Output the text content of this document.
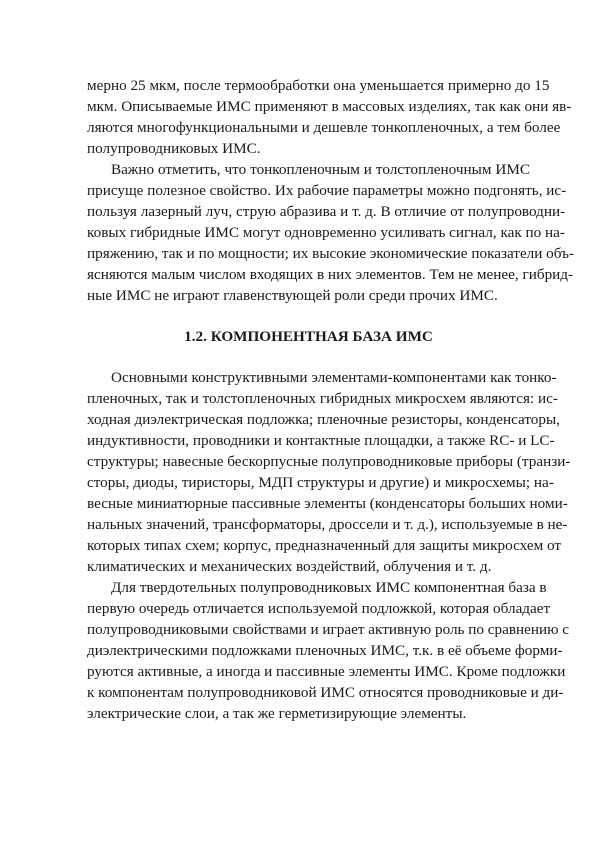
мерно 25 мкм, после термообработки она уменьшается примерно до 15
мкм. Описываемые ИМС применяют в массовых изделиях, так как они яв-
ляются многофункциональными и дешевле тонкопленочных, а тем более
полупроводниковых ИМС.
Важно отметить, что тонкопленочным и толстопленочным ИМС
присуще полезное свойство. Их рабочие параметры можно подгонять, ис-
пользуя лазерный луч, струю абразива и т. д. В отличие от полупроводни-
ковых гибридные ИМС могут одновременно усиливать сигнал, как по на-
пряжению, так и по мощности; их высокие экономические показатели объ-
ясняются малым числом входящих в них элементов. Тем не менее, гибрид-
ные ИМС не играют главенствующей роли среди прочих ИМС.
1.2. КОМПОНЕНТНАЯ БАЗА ИМС
Основными конструктивными элементами-компонентами как тонко-
пленочных, так и толстопленочных гибридных микросхем являются: ис-
ходная диэлектрическая подложка; пленочные резисторы, конденсаторы,
индуктивности, проводники и контактные площадки, а также RC- и LC-
структуры; навесные бескорпусные полупроводниковые приборы (транзи-
сторы, диоды, тиристоры, МДП структуры и другие) и микросхемы; на-
весные миниатюрные пассивные элементы (конденсаторы больших номи-
нальных значений, трансформаторы, дроссели и т. д.), используемые в не-
которых типах схем; корпус, предназначенный для защиты микросхем от
климатических и механических воздействий, облучения и т. д.
Для твердотельных полупроводниковых ИМС компонентная база в
первую очередь отличается используемой подложкой, которая обладает
полупроводниковыми свойствами и играет активную роль по сравнению с
диэлектрическими подложками пленочных ИМС, т.к. в её объеме форми-
руются активные, а иногда и пассивные элементы ИМС. Кроме подложки
к компонентам полупроводниковой ИМС относятся проводниковые и ди-
электрические слои, а так же герметизирующие элементы.
